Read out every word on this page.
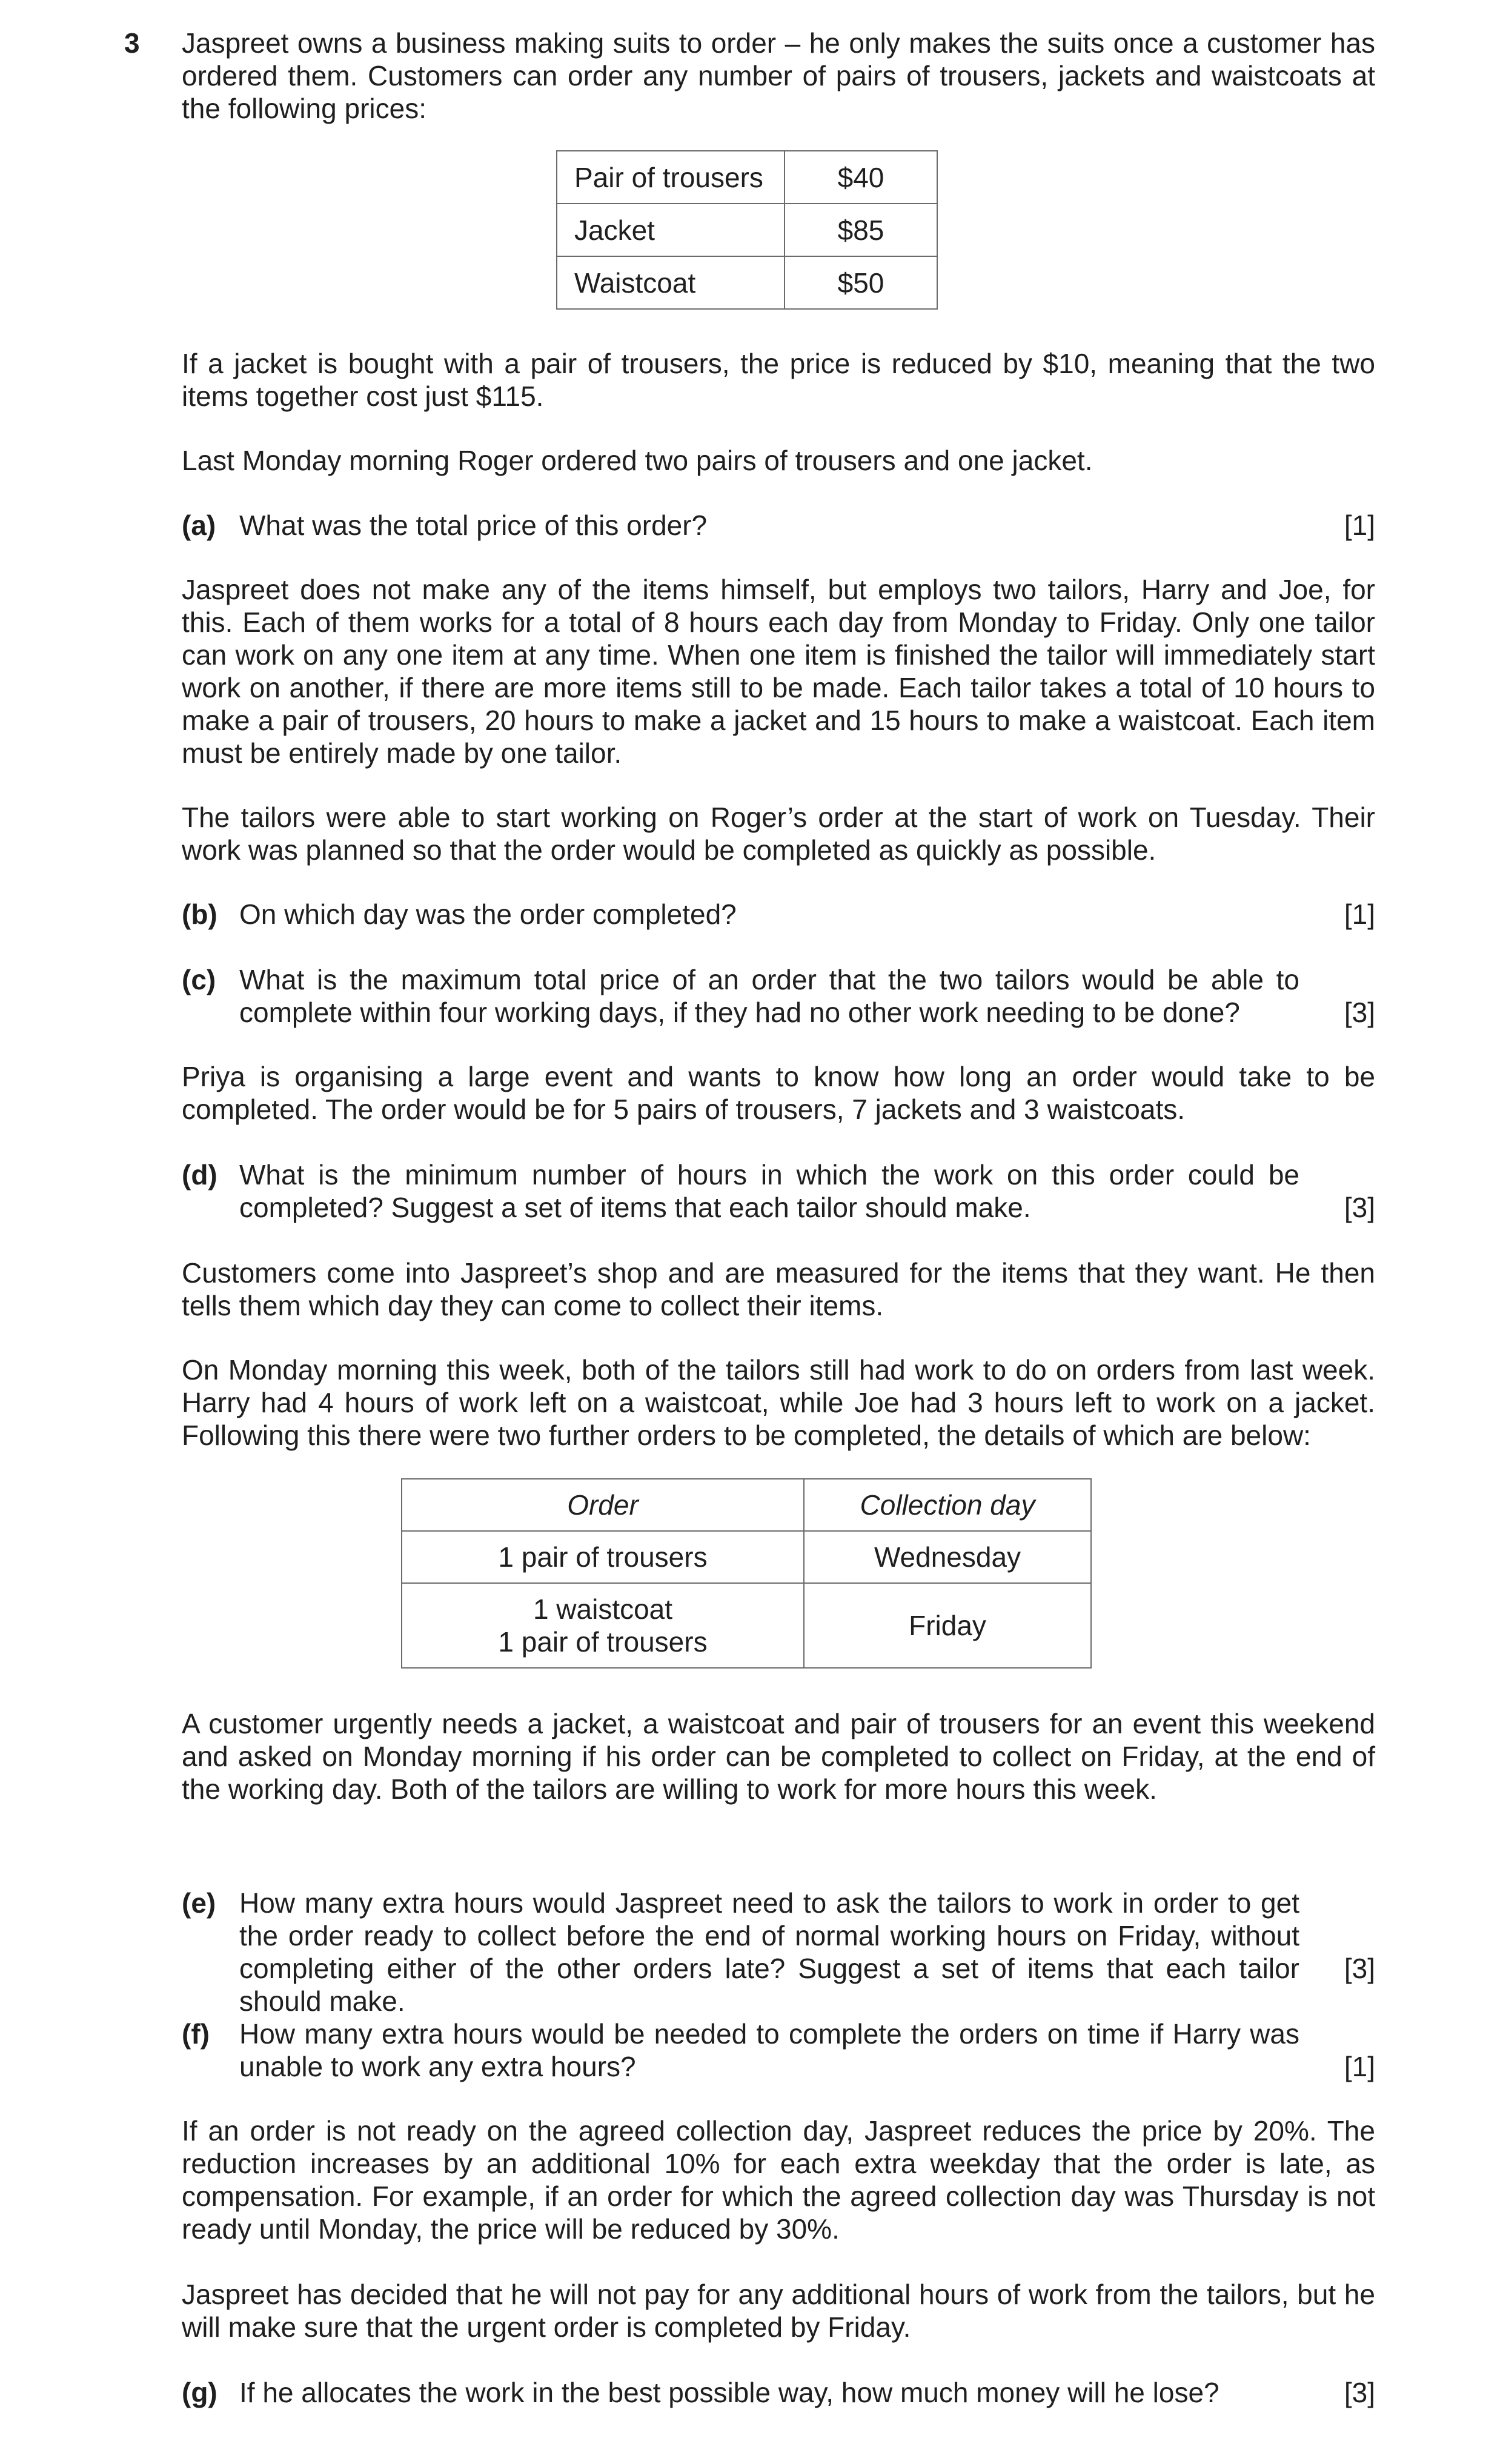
3 Jaspreet owns a business making suits to order – he only makes the suits once a customer has ordered them. Customers can order any number of pairs of trousers, jackets and waistcoats at the following prices:
Pair of trousers	$40
Jacket	$85
Waistcoat	$50
If a jacket is bought with a pair of trousers, the price is reduced by $10, meaning that the two items together cost just $115.
Last Monday morning Roger ordered two pairs of trousers and one jacket.
(a) What was the total price of this order?	[1]
Jaspreet does not make any of the items himself, but employs two tailors, Harry and Joe, for this. Each of them works for a total of 8 hours each day from Monday to Friday. Only one tailor can work on any one item at any time. When one item is finished the tailor will immediately start work on another, if there are more items still to be made. Each tailor takes a total of 10 hours to make a pair of trousers, 20 hours to make a jacket and 15 hours to make a waistcoat. Each item must be entirely made by one tailor.
The tailors were able to start working on Roger’s order at the start of work on Tuesday. Their work was planned so that the order would be completed as quickly as possible.
(b) On which day was the order completed?	[1]
(c) What is the maximum total price of an order that the two tailors would be able to complete within four working days, if they had no other work needing to be done?	[3]
Priya is organising a large event and wants to know how long an order would take to be completed. The order would be for 5 pairs of trousers, 7 jackets and 3 waistcoats.
(d) What is the minimum number of hours in which the work on this order could be completed? Suggest a set of items that each tailor should make.	[3]
Customers come into Jaspreet’s shop and are measured for the items that they want. He then tells them which day they can come to collect their items.
On Monday morning this week, both of the tailors still had work to do on orders from last week. Harry had 4 hours of work left on a waistcoat, while Joe had 3 hours left to work on a jacket. Following this there were two further orders to be completed, the details of which are below:
Order	Collection day
1 pair of trousers	Wednesday

1 waistcoat
1 pair of trousers	Friday
A customer urgently needs a jacket, a waistcoat and pair of trousers for an event this weekend and asked on Monday morning if his order can be completed to collect on Friday, at the end of the working day. Both of the tailors are willing to work for more hours this week.
(e) How many extra hours would Jaspreet need to ask the tailors to work in order to get the order ready to collect before the end of normal working hours on Friday, without completing either of the other orders late? Suggest a set of items that each tailor should make.
[3]
(f) How many extra hours would be needed to complete the orders on time if Harry was unable to work any extra hours?	[1]
If an order is not ready on the agreed collection day, Jaspreet reduces the price by 20%. The reduction increases by an additional 10% for each extra weekday that the order is late, as compensation. For example, if an order for which the agreed collection day was Thursday is not ready until Monday, the price will be reduced by 30%.
Jaspreet has decided that he will not pay for any additional hours of work from the tailors, but he will make sure that the urgent order is completed by Friday.
(g) If he allocates the work in the best possible way, how much money will he lose?	[3]
